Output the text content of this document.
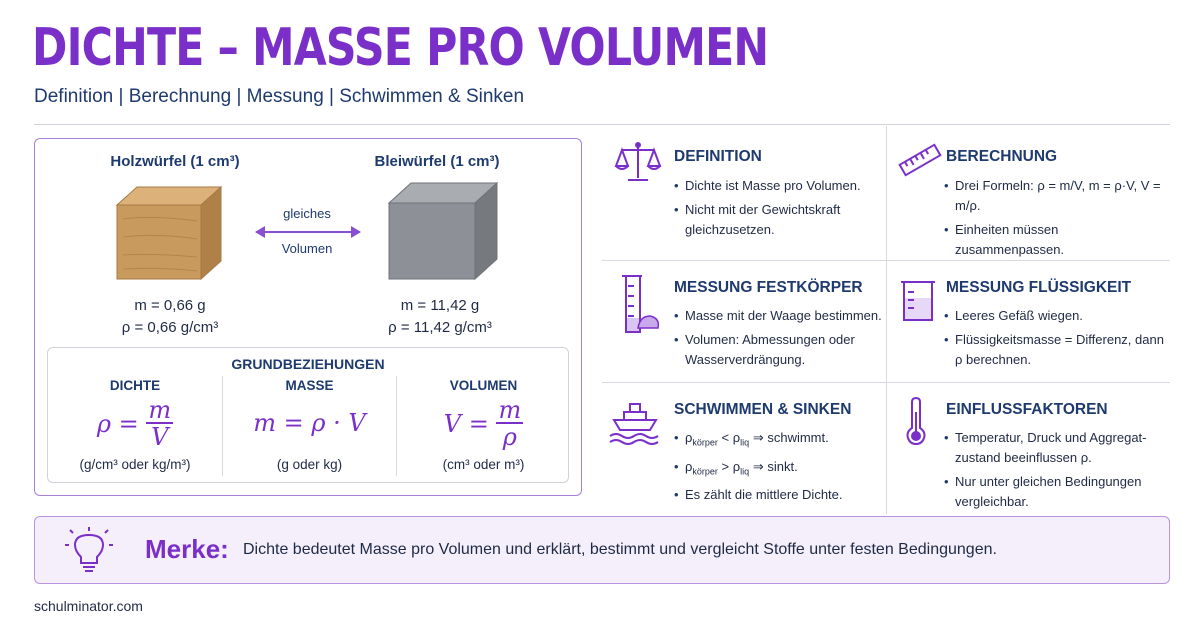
DICHTE – MASSE PRO VOLUMEN
Definition | Berechnung | Messung | Schwimmen & Sinken
Holzwürfel (1 cm³)	Bleiwürfel (1 cm³)
gleiches
Volumen
m = 0,66 g
ρ = 0,66 g/cm³
m = 11,42 g
ρ = 11,42 g/cm³
GRUNDBEZIEHUNGEN
DICHTE
$\rho = \frac{m}{V}$
(g/cm³ oder kg/m³)
MASSE
m = ρ · V
(g oder kg)
VOLUMEN
$V = \frac{m}{\rho}$
(cm³ oder m³)
DEFINITION
• Dichte ist Masse pro Volumen.
• Nicht mit der Gewichtskraft gleichzusetzen.
BERECHNUNG
• Drei Formeln: ρ = m/V, m = ρ·V, V = m/ρ.
• Einheiten müssen zusammenpassen.
MESSUNG FESTKÖRPER
• Masse mit der Waage bestimmen.
• Volumen: Abmessungen oder Wasserverdrängung.
MESSUNG FLÜSSIGKEIT
• Leeres Gefäß wiegen.
• Flüssigkeitsmasse = Differenz, dann ρ berechnen.
SCHWIMMEN & SINKEN
• $\rho_{körper} < \rho_{liq}$ ⇒ schwimmt.
• $\rho_{körper} > \rho_{liq}$ ⇒ sinkt.
• Es zählt die mittlere Dichte.
EINFLUSSFAKTOREN
• Temperatur, Druck und Aggregatzustand beeinflussen ρ.
• Nur unter gleichen Bedingungen vergleichbar.
Merke: Dichte bedeutet Masse pro Volumen und erklärt, bestimmt und vergleicht Stoffe unter festen Bedingungen.
schulminator.com
